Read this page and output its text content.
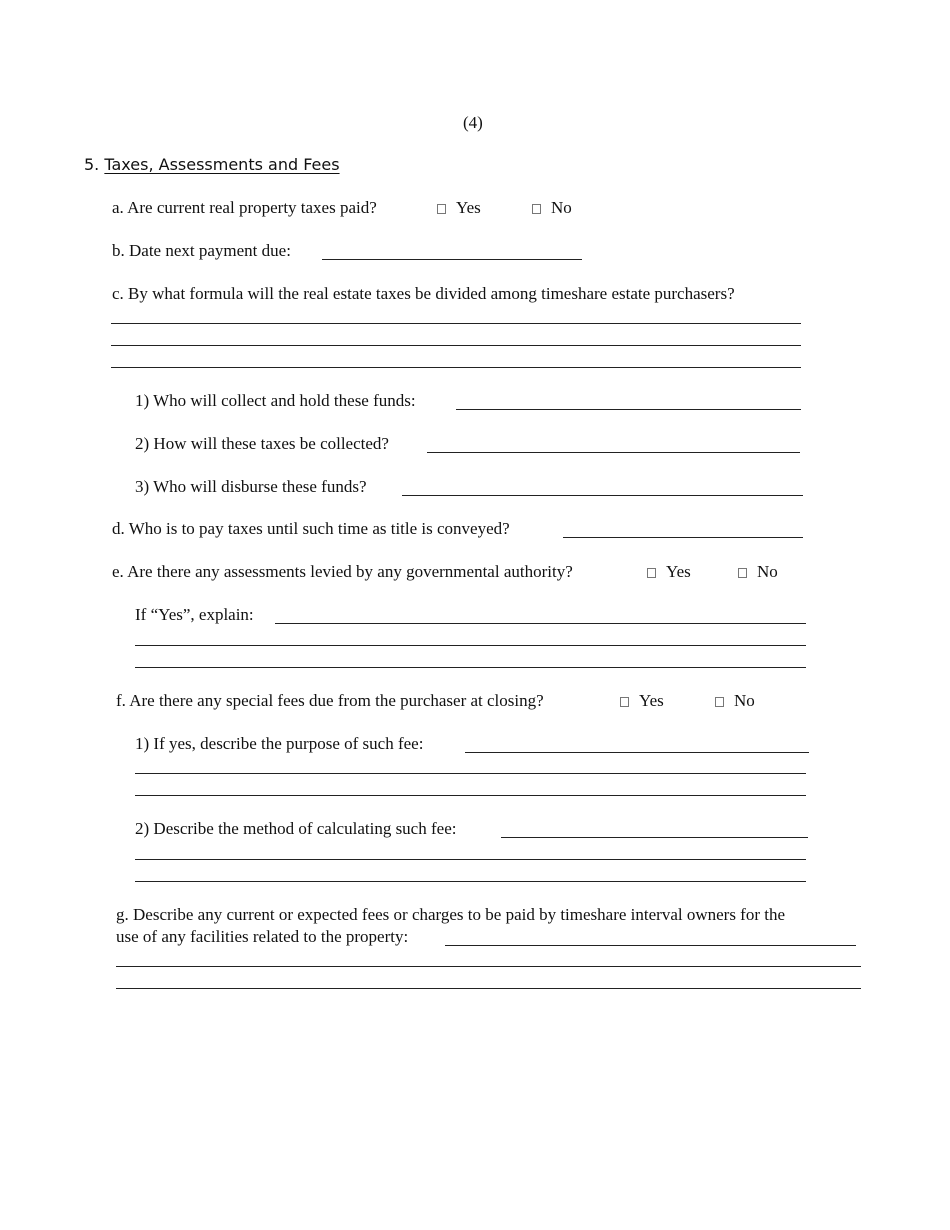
(4)
5. Taxes, Assessments and Fees
a. Are current real property taxes paid?	Yes	No
b. Date next payment due:
c. By what formula will the real estate taxes be divided among timeshare estate purchasers?
1) Who will collect and hold these funds:
2) How will these taxes be collected?
3) Who will disburse these funds?
d. Who is to pay taxes until such time as title is conveyed?
e. Are there any assessments levied by any governmental authority?	Yes	No
If “Yes”, explain:
f. Are there any special fees due from the purchaser at closing?	Yes	No
1) If yes, describe the purpose of such fee:
2) Describe the method of calculating such fee:
g. Describe any current or expected fees or charges to be paid by timeshare interval owners for the
use of any facilities related to the property:
